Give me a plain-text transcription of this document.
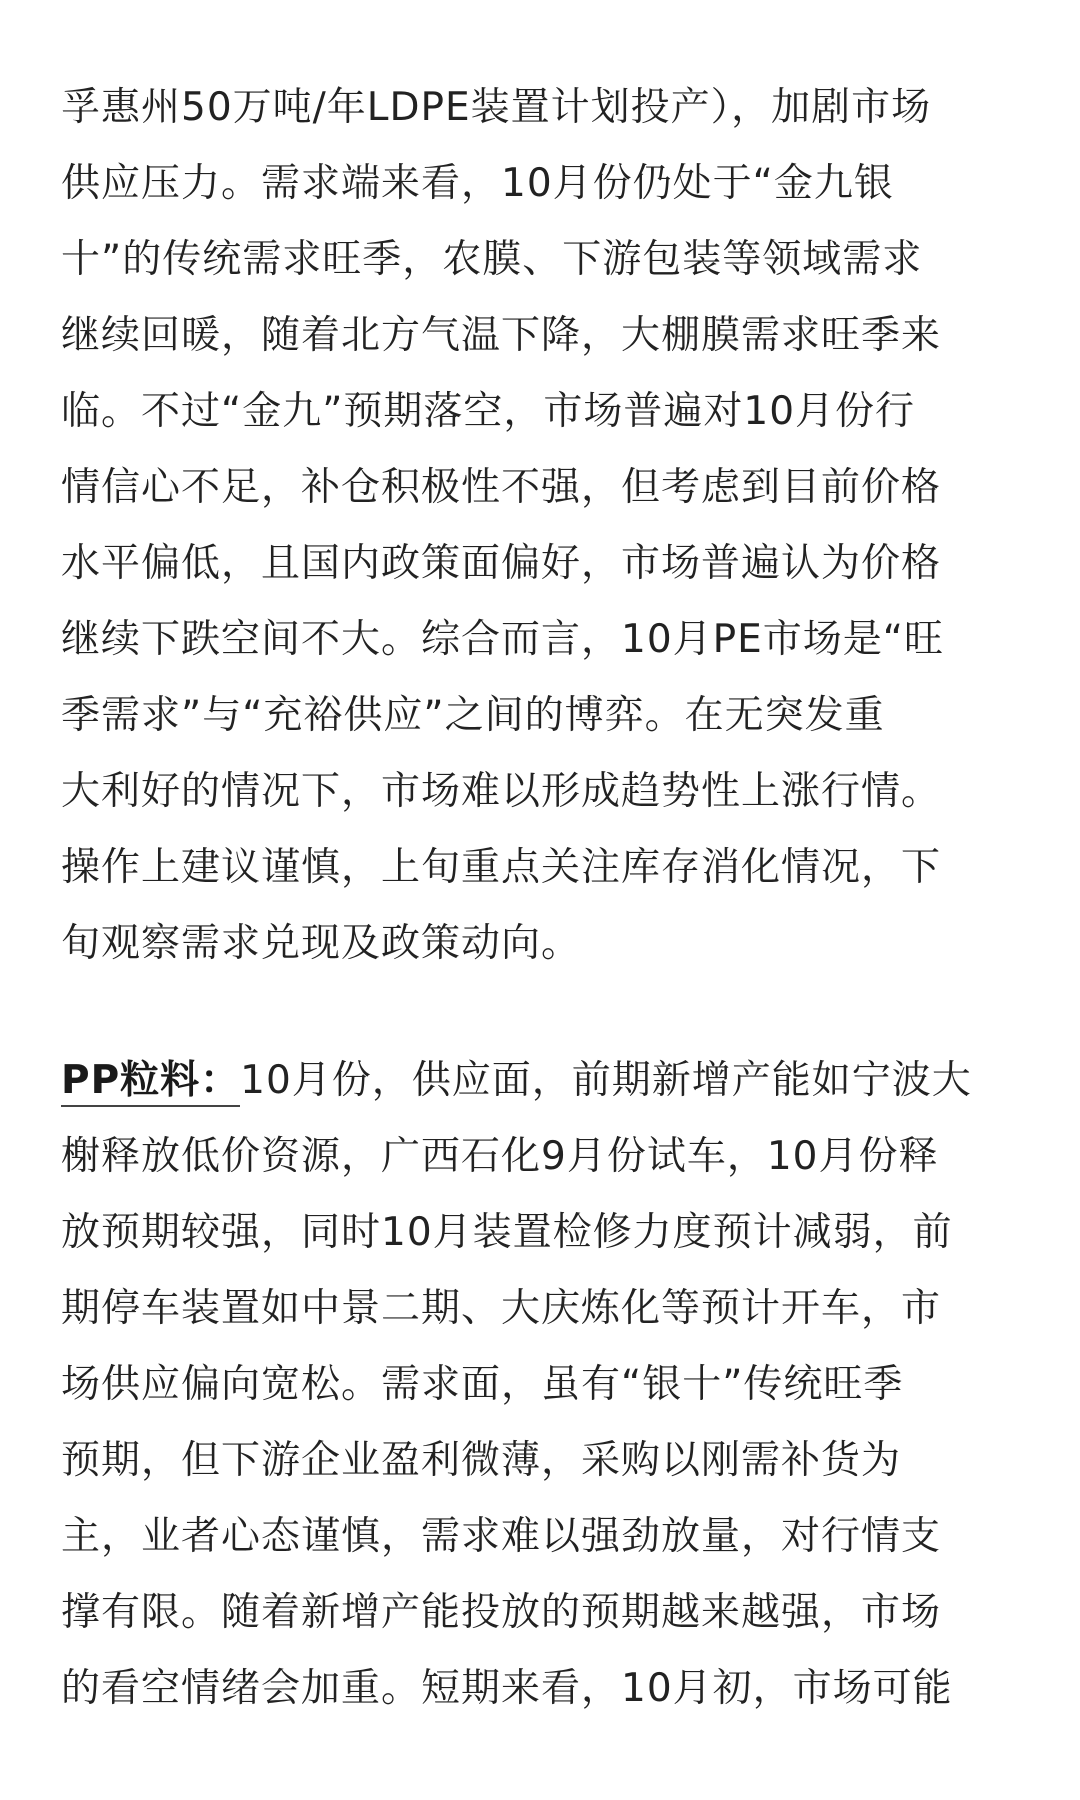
孚惠州50万吨/年LDPE装置计划投产），加剧市场
供应压力。需求端来看，10月份仍处于“金九银
十”的传统需求旺季，农膜、下游包装等领域需求
继续回暖，随着北方气温下降，大棚膜需求旺季来
临。不过“金九”预期落空，市场普遍对10月份行
情信心不足，补仓积极性不强，但考虑到目前价格
水平偏低，且国内政策面偏好，市场普遍认为价格
继续下跌空间不大。综合而言，10月PE市场是“旺
季需求”与“充裕供应”之间的博弈。在无突发重
大利好的情况下，市场难以形成趋势性上涨行情。
操作上建议谨慎，上旬重点关注库存消化情况，下
旬观察需求兑现及政策动向。
PP粒料：10月份，供应面，前期新增产能如宁波大
榭释放低价资源，广西石化9月份试车，10月份释
放预期较强，同时10月装置检修力度预计减弱，前
期停车装置如中景二期、大庆炼化等预计开车，市
场供应偏向宽松。需求面，虽有“银十”传统旺季
预期，但下游企业盈利微薄，采购以刚需补货为
主，业者心态谨慎，需求难以强劲放量，对行情支
撑有限。随着新增产能投放的预期越来越强，市场
的看空情绪会加重。短期来看，10月初，市场可能
